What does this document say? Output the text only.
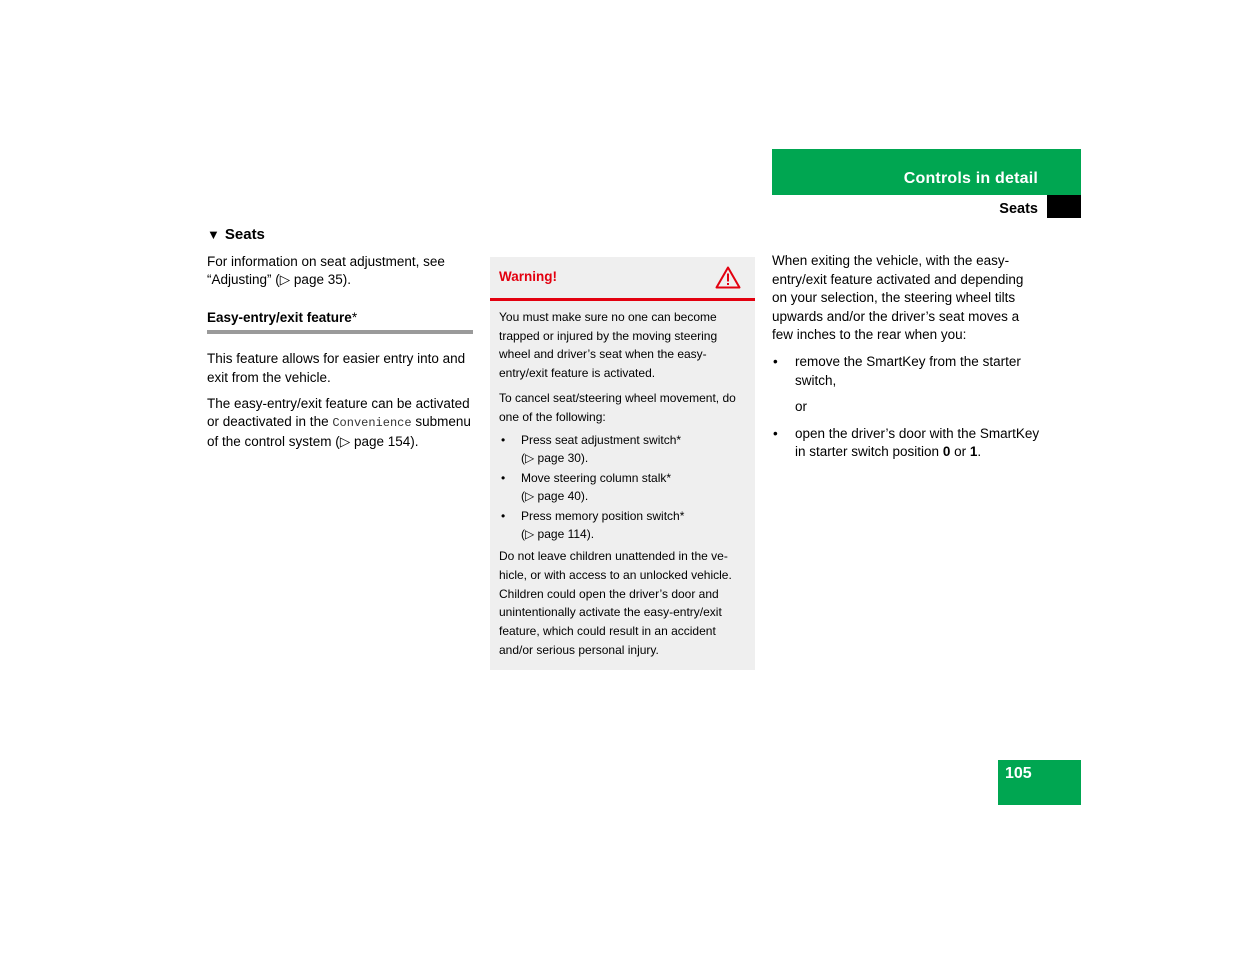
Controls in detail
Seats
▼ Seats

For information on seat adjustment, see “Adjusting” (▷ page 35).

Easy-entry/exit feature*

This feature allows for easier entry into and exit from the vehicle.

The easy-entry/exit feature can be activated or deactivated in the Convenience submenu of the control system (▷ page 154).

Warning!

You must make sure no one can become trapped or injured by the moving steering wheel and driver’s seat when the easy-entry/exit feature is activated.

To cancel seat/steering wheel movement, do one of the following:

• Press seat adjustment switch*
(▷ page 30).
• Move steering column stalk*
(▷ page 40).
• Press memory position switch*
(▷ page 114).

Do not leave children unattended in the ve-hicle, or with access to an unlocked vehicle. Children could open the driver’s door and unintentionally activate the easy-entry/exit feature, which could result in an accident and/or serious personal injury.

When exiting the vehicle, with the easy-entry/exit feature activated and depending on your selection, the steering wheel tilts upwards and/or the driver’s seat moves a few inches to the rear when you:

• remove the SmartKey from the starter switch,
or
• open the driver’s door with the SmartKey in starter switch position 0 or 1.
105
